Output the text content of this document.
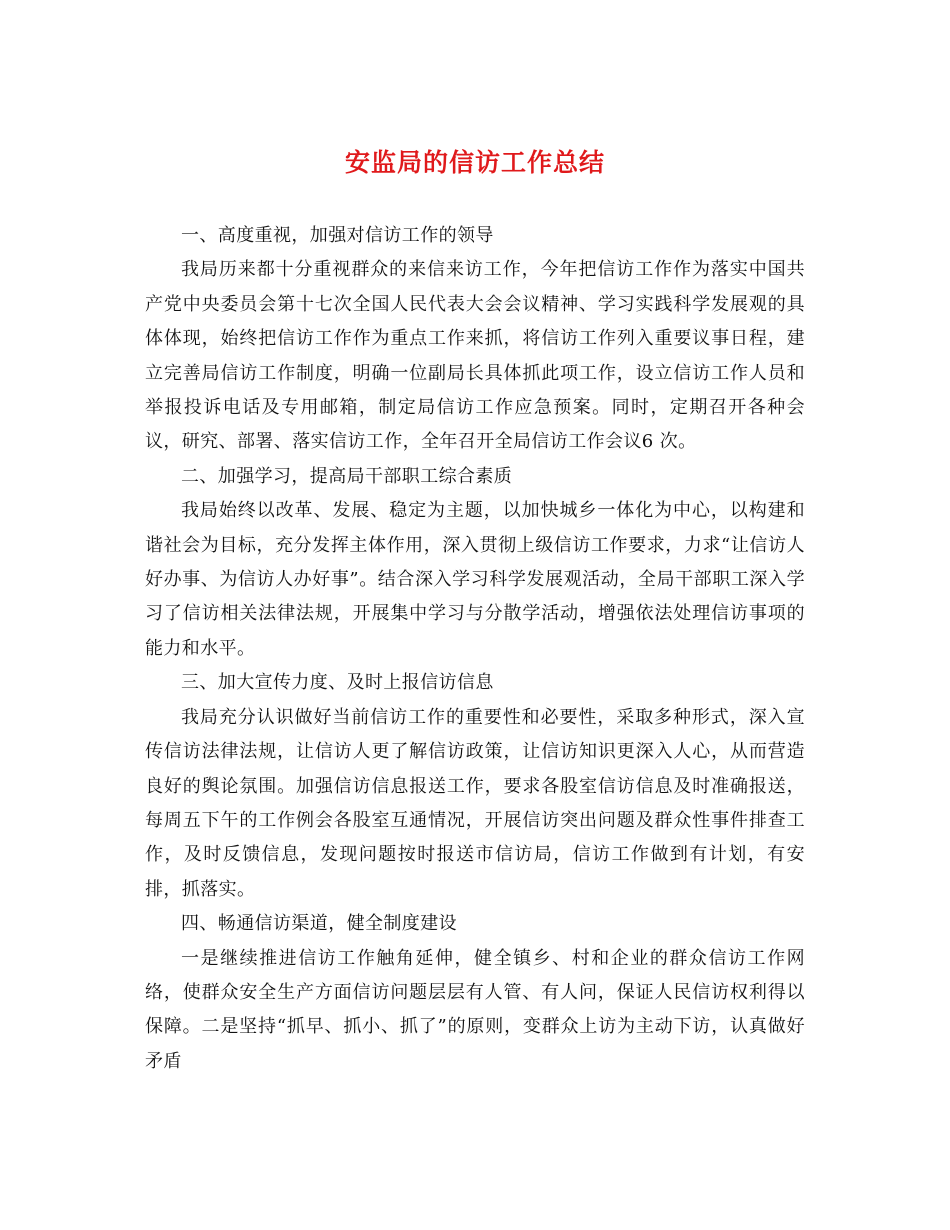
安监局的信访工作总结

一、高度重视，加强对信访工作的领导

我局历来都十分重视群众的来信来访工作，今年把信访工作作为落实中国共产党中央委员会第十七次全国人民代表大会会议精神、学习实践科学发展观的具体体现，始终把信访工作作为重点工作来抓，将信访工作列入重要议事日程，建立完善局信访工作制度，明确一位副局长具体抓此项工作，设立信访工作人员和举报投诉电话及专用邮箱，制定局信访工作应急预案。同时，定期召开各种会议，研究、部署、落实信访工作，全年召开全局信访工作会议6 次。

二、加强学习，提高局干部职工综合素质

我局始终以改革、发展、稳定为主题，以加快城乡一体化为中心，以构建和谐社会为目标，充分发挥主体作用，深入贯彻上级信访工作要求，力求“让信访人好办事、为信访人办好事”。结合深入学习科学发展观活动，全局干部职工深入学习了信访相关法律法规，开展集中学习与分散学活动，增强依法处理信访事项的能力和水平。

三、加大宣传力度、及时上报信访信息

我局充分认识做好当前信访工作的重要性和必要性，采取多种形式，深入宣传信访法律法规，让信访人更了解信访政策，让信访知识更深入人心，从而营造良好的舆论氛围。加强信访信息报送工作，要求各股室信访信息及时准确报送，每周五下午的工作例会各股室互通情况，开展信访突出问题及群众性事件排查工作，及时反馈信息，发现问题按时报送市信访局，信访工作做到有计划，有安排，抓落实。

四、畅通信访渠道，健全制度建设

一是继续推进信访工作触角延伸，健全镇乡、村和企业的群众信访工作网络，使群众安全生产方面信访问题层层有人管、有人问，保证人民信访权利得以保障。二是坚持“抓早、抓小、抓了”的原则，变群众上访为主动下访，认真做好矛盾
